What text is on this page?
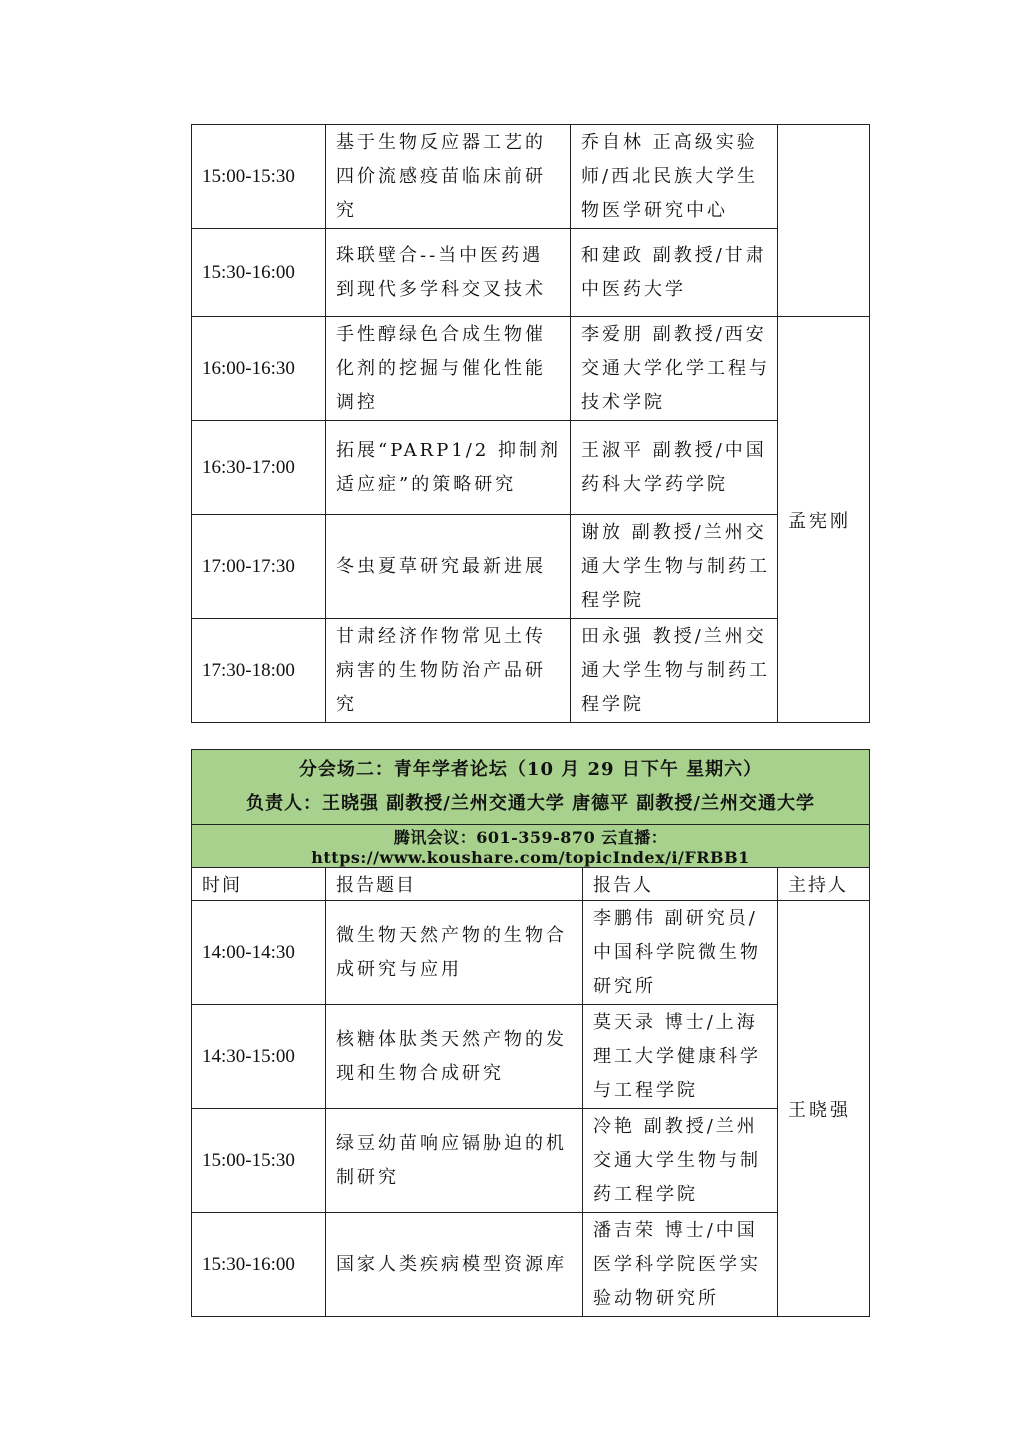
15:00-15:30	基于生物反应器工艺的四价流感疫苗临床前研究	乔自林 正高级实验师/西北民族大学生物医学研究中心	
15:30-16:00	珠联壁合--当中医药遇到现代多学科交叉技术	和建政 副教授/甘肃中医药大学	
16:00-16:30	手性醇绿色合成生物催化剂的挖掘与催化性能调控	李爱朋 副教授/西安交通大学化学工程与技术学院	孟宪刚
16:30-17:00	拓展“PARP1/2 抑制剂适应症”的策略研究	王淑平 副教授/中国药科大学药学院	
17:00-17:30	冬虫夏草研究最新进展	谢放 副教授/兰州交通大学生物与制药工程学院	
17:30-18:00	甘肃经济作物常见土传病害的生物防治产品研究	田永强 教授/兰州交通大学生物与制药工程学院	
分会场二：青年学者论坛（10 月 29 日下午 星期六）
负责人：王晓强 副教授/兰州交通大学 唐德平 副教授/兰州交通大学			

腾讯会议：601-359-870 云直播：https://www.koushare.com/topicIndex/i/FRBB1			
时间	报告题目	报告人	主持人
14:00-14:30	微生物天然产物的生物合成研究与应用	李鹏伟 副研究员/中国科学院微生物研究所	王晓强
14:30-15:00	核糖体肽类天然产物的发现和生物合成研究	莫天录 博士/上海理工大学健康科学与工程学院	
15:00-15:30	绿豆幼苗响应镉胁迫的机制研究	冷艳 副教授/兰州交通大学生物与制药工程学院	
15:30-16:00	国家人类疾病模型资源库	潘吉荣 博士/中国医学科学院医学实验动物研究所	
